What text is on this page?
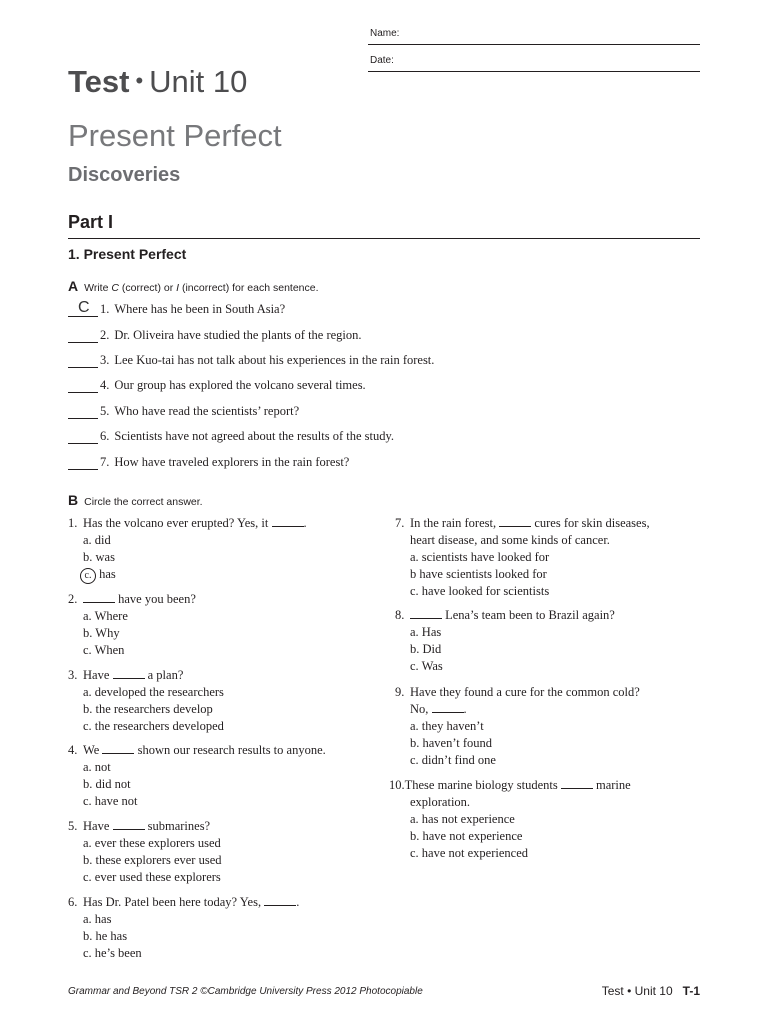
Name:
Date:
Test • Unit 10
Present Perfect
Discoveries
Part I
1. Present Perfect
A Write C (correct) or I (incorrect) for each sentence.
C 1. Where has he been in South Asia?
2. Dr. Oliveira have studied the plants of the region.
3. Lee Kuo-tai has not talk about his experiences in the rain forest.
4. Our group has explored the volcano several times.
5. Who have read the scientists’ report?
6. Scientists have not agreed about the results of the study.
7. How have traveled explorers in the rain forest?
B Circle the correct answer.
1. Has the volcano ever erupted? Yes, it	.
a. did
b. was
c. has
2.	have you been?
a. Where
b. Why
c. When
3. Have	a plan?
a. developed the researchers
b. the researchers develop
c. the researchers developed
4. We	shown our research results to anyone.
a. not
b. did not
c. have not
5. Have	submarines?
a. ever these explorers used
b. these explorers ever used
c. ever used these explorers
6. Has Dr. Patel been here today? Yes,	.
a. has
b. he has
c. he’s been
7. In the rain forest,	cures for skin diseases,
heart disease, and some kinds of cancer.
a. scientists have looked for
b have scientists looked for
c. have looked for scientists
8.	Lena’s team been to Brazil again?
a. Has
b. Did
c. Was
9. Have they found a cure for the common cold?
No,	.
a. they haven’t
b. haven’t found
c. didn’t find one
10.These marine biology students	marine
exploration.
a. has not experience
b. have not experience
c. have not experienced
Grammar and Beyond TSR 2 ©Cambridge University Press 2012 Photocopiable	Test • Unit 10 T-1
